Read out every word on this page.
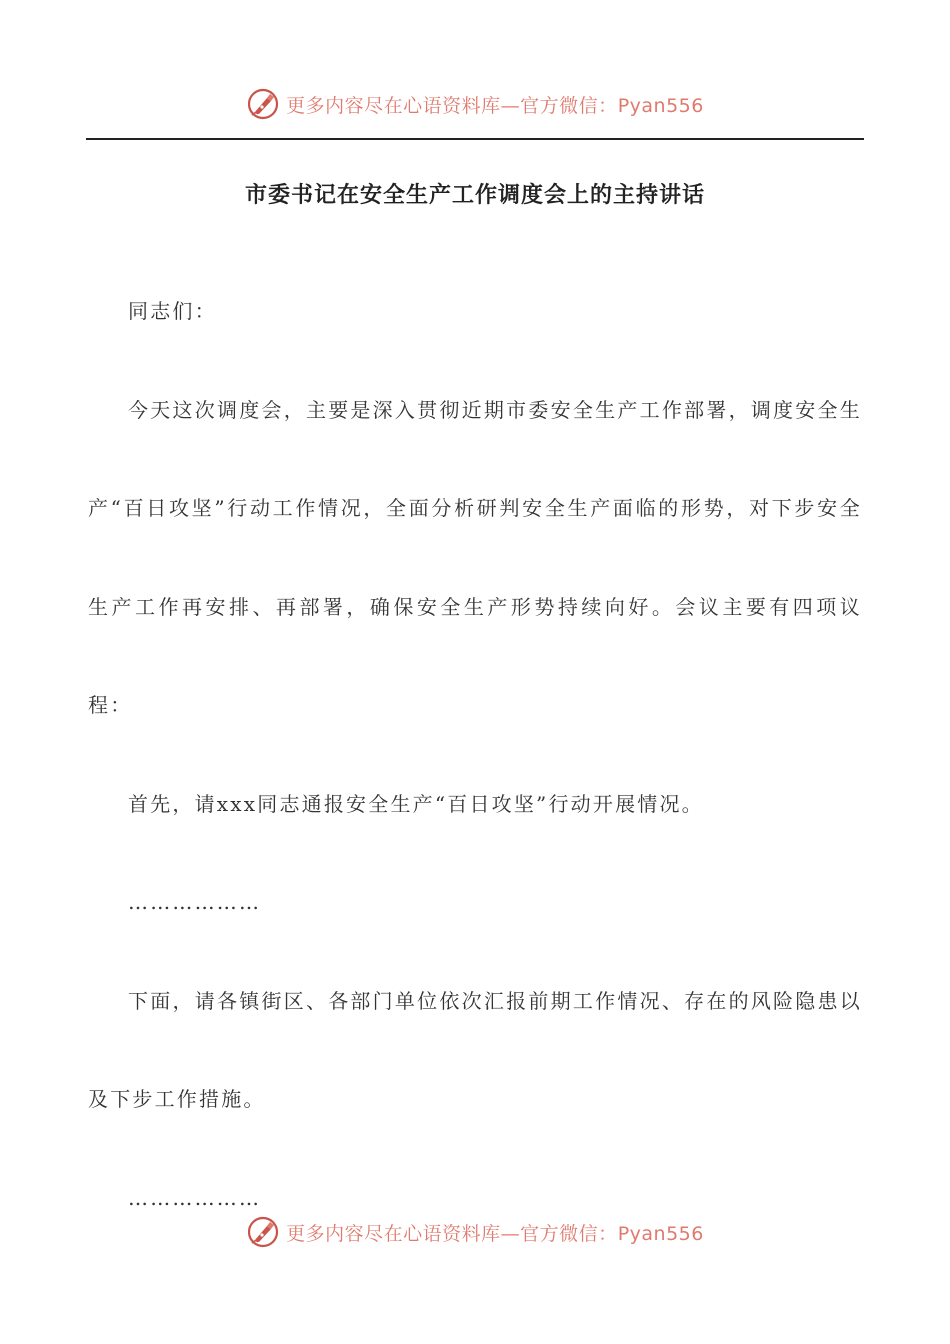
更多内容尽在心语资料库—官方微信：Pyan556
市委书记在安全生产工作调度会上的主持讲话

同志们：

今天这次调度会，主要是深入贯彻近期市委安全生产工作部署，调度安全生产“百日攻坚”行动工作情况，全面分析研判安全生产面临的形势，对下步安全生产工作再安排、再部署，确保安全生产形势持续向好。会议主要有四项议程：

首先，请xxx同志通报安全生产“百日攻坚”行动开展情况。

………………

下面，请各镇街区、各部门单位依次汇报前期工作情况、存在的风险隐患以及下步工作措施。

………………

更多内容尽在心语资料库—官方微信：Pyan556
